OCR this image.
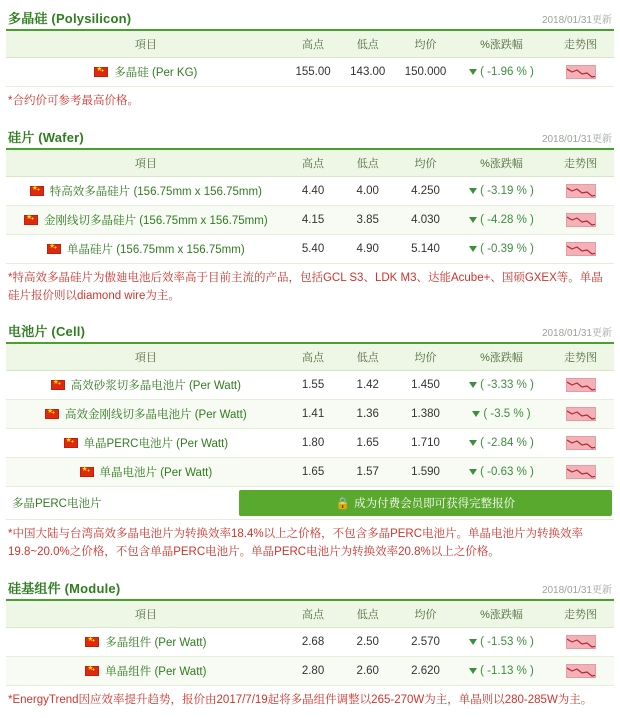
多晶硅 (Polysilicon)	2018/01/31更新
項目	高点	低点	均价	%涨跌幅	走势图
★多晶硅 (Per KG)	155.00	143.00	150.000	( -1.96 % )	
*合约价可参考最高价格。
硅片 (Wafer)	2018/01/31更新
項目	高点	低点	均价	%涨跌幅	走势图
★特高效多晶硅片 (156.75mm x 156.75mm)	4.40	4.00	4.250	( -3.19 % )	

★金刚线切多晶硅片 (156.75mm x 156.75mm)	4.15	3.85	4.030	( -4.28 % )	

★单晶硅片 (156.75mm x 156.75mm)	5.40	4.90	5.140	( -0.39 % )	
*特高效多晶硅片为傲廸电池后效率高于目前主流的产品，包括GCL S3、LDK M3、达能Acube+、国硕GXEX等。单晶硅片报价则以diamond wire为主。
电池片 (Cell)	2018/01/31更新
項目	高点	低点	均价	%涨跌幅	走势图
★高效砂浆切多晶电池片 (Per Watt)	1.55	1.42	1.450	( -3.33 % )	

★高效金刚线切多晶电池片 (Per Watt)	1.41	1.36	1.380	( -3.5 % )	

★单晶PERC电池片 (Per Watt)	1.80	1.65	1.710	( -2.84 % )	

★单晶电池片 (Per Watt)	1.65	1.57	1.590	( -0.63 % )	
多晶PERC电池片	🔒 成为付费会员即可获得完整报价
*中国大陆与台湾高效多晶电池片为转换效率18.4%以上之价格，不包含多晶PERC电池片。单晶电池片为转换效率19.8~20.0%之价格，不包含单晶PERC电池片。单晶PERC电池片为转换效率20.8%以上之价格。
硅基组件 (Module)	2018/01/31更新
項目	高点	低点	均价	%涨跌幅	走势图
★多晶组件 (Per Watt)	2.68	2.50	2.570	( -1.53 % )	

★单晶组件 (Per Watt)	2.80	2.60	2.620	( -1.13 % )	
*EnergyTrend因应效率提升趋势，报价由2017/7/19起将多晶组件调整以265-270W为主，单晶则以280-285W为主。
